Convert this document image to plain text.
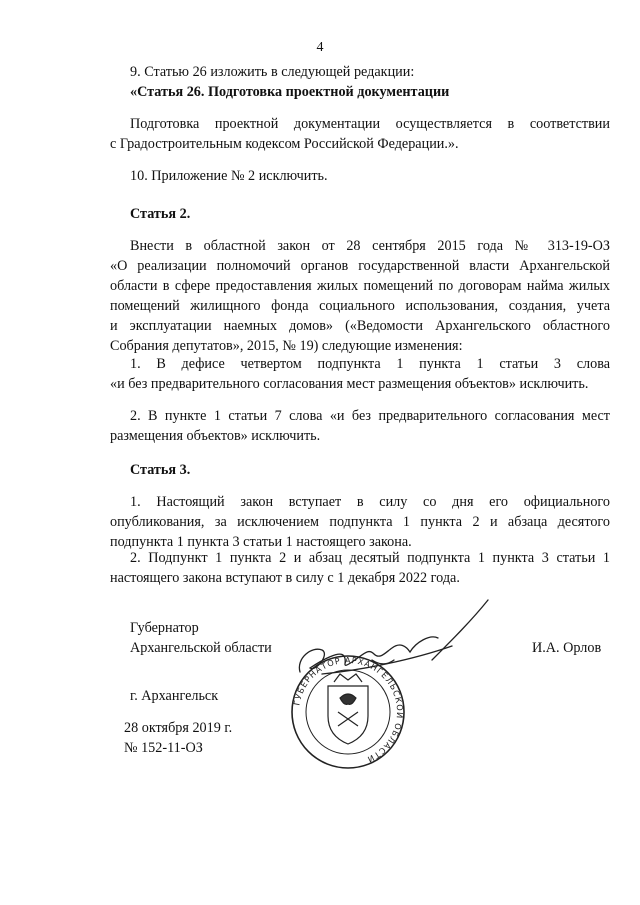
4
9. Статью 26 изложить в следующей редакции:
«Статья 26. Подготовка проектной документации
Подготовка проектной документации осуществляется в соответствии
с Градостроительным кодексом Российской Федерации.».
10. Приложение № 2 исключить.
Статья 2.
Внести в областной закон от 28 сентября 2015 года № 313-19-ОЗ
«О реализации полномочий органов государственной власти Архангельской
области в сфере предоставления жилых помещений по договорам найма жилых
помещений жилищного фонда социального использования, создания, учета
и эксплуатации наемных домов» («Ведомости Архангельского областного
Собрания депутатов», 2015, № 19) следующие изменения:
1. В дефисе четвертом подпункта 1 пункта 1 статьи 3 слова
«и без предварительного согласования мест размещения объектов» исключить.
2. В пункте 1 статьи 7 слова «и без предварительного согласования мест
размещения объектов» исключить.
Статья 3.
1. Настоящий закон вступает в силу со дня его официального
опубликования, за исключением подпункта 1 пункта 2 и абзаца десятого
подпункта 1 пункта 3 статьи 1 настоящего закона.
2. Подпункт 1 пункта 2 и абзац десятый подпункта 1 пункта 3 статьи 1
настоящего закона вступают в силу с 1 декабря 2022 года.
Губернатор
Архангельской области	И.А. Орлов
г. Архангельск
28 октября 2019 г.
№ 152-11-ОЗ
ГУБЕРНАТОР АРХАНГЕЛЬСКОЙ ОБЛАСТИ
